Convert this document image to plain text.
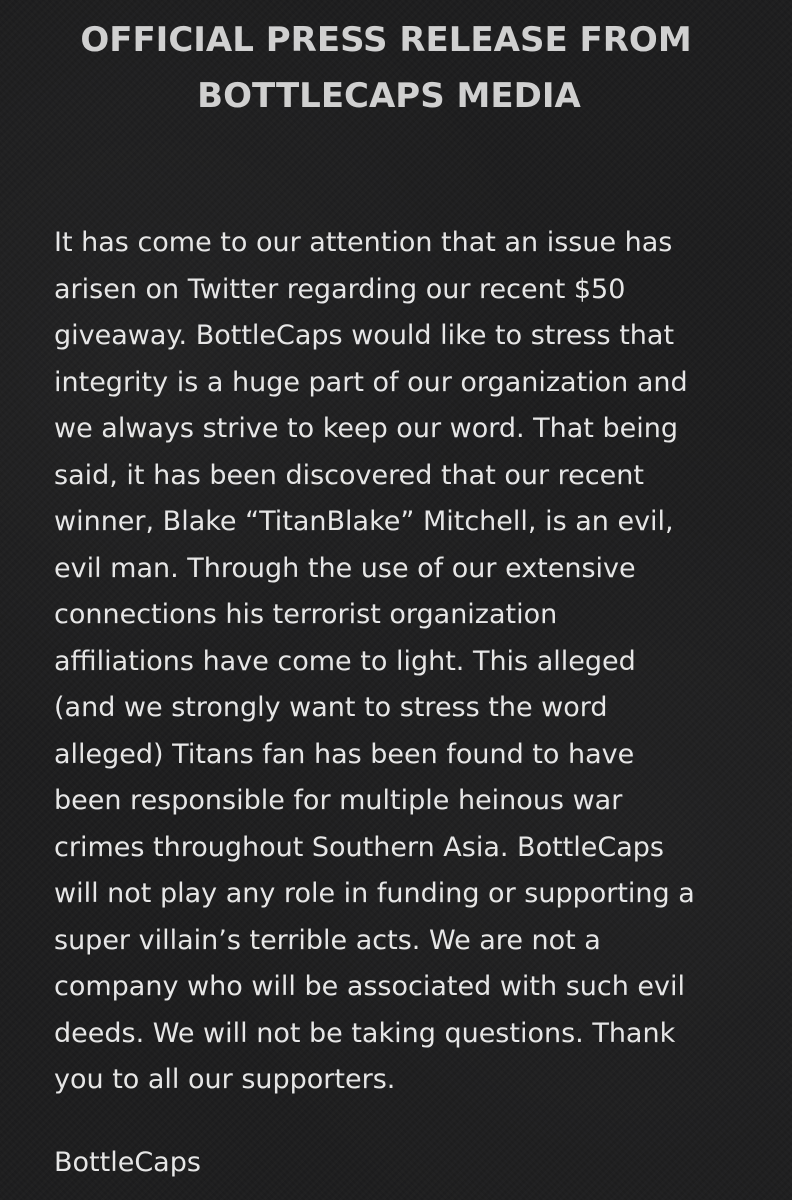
OFFICIAL PRESS RELEASE FROM
BOTTLECAPS MEDIA
It has come to our attention that an issue has
arisen on Twitter regarding our recent $50
giveaway. BottleCaps would like to stress that
integrity is a huge part of our organization and
we always strive to keep our word. That being
said, it has been discovered that our recent
winner, Blake “TitanBlake” Mitchell, is an evil,
evil man. Through the use of our extensive
connections his terrorist organization
affiliations have come to light. This alleged
(and we strongly want to stress the word
alleged) Titans fan has been found to have
been responsible for multiple heinous war
crimes throughout Southern Asia. BottleCaps
will not play any role in funding or supporting a
super villain’s terrible acts. We are not a
company who will be associated with such evil
deeds. We will not be taking questions. Thank
you to all our supporters.
BottleCaps
